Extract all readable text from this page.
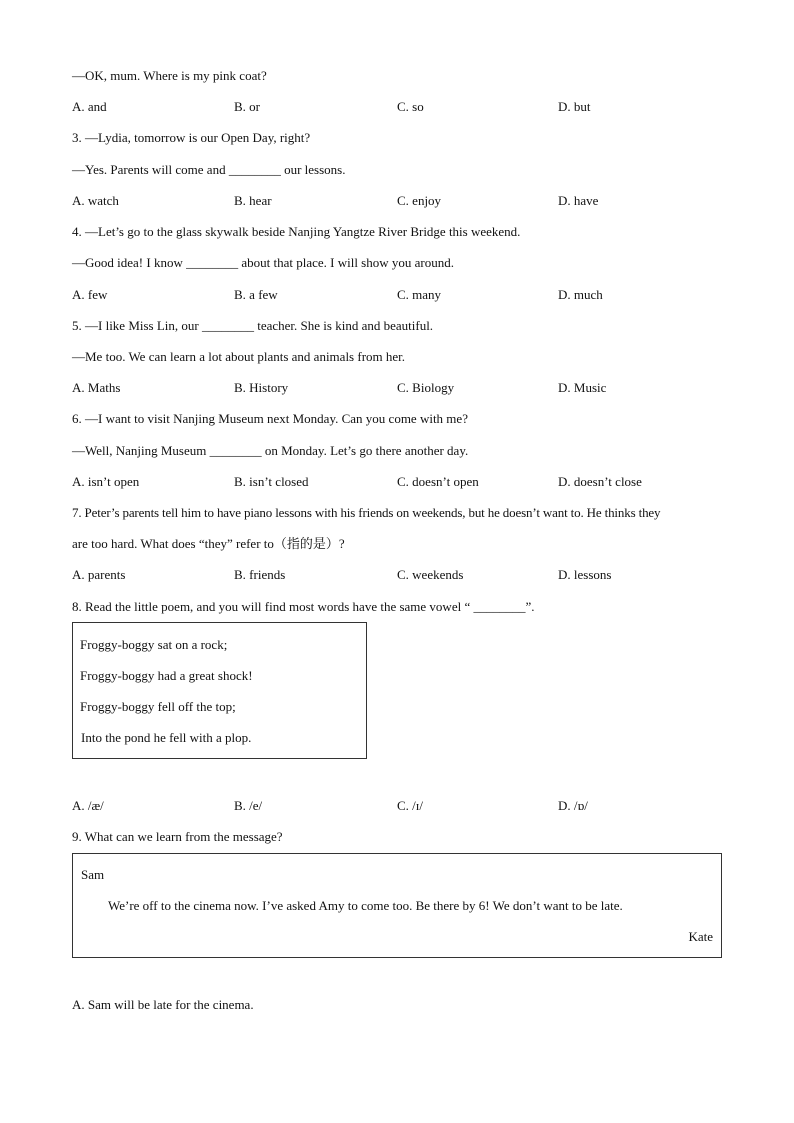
—OK, mum. Where is my pink coat?
A. and	B. or	C. so	D. but
3. —Lydia, tomorrow is our Open Day, right?
—Yes. Parents will come and ________ our lessons.
A. watch	B. hear	C. enjoy	D. have
4. —Let’s go to the glass skywalk beside Nanjing Yangtze River Bridge this weekend.
—Good idea! I know ________ about that place. I will show you around.
A. few	B. a few	C. many	D. much
5. —I like Miss Lin, our ________ teacher. She is kind and beautiful.
—Me too. We can learn a lot about plants and animals from her.
A. Maths	B. History	C. Biology	D. Music
6. —I want to visit Nanjing Museum next Monday. Can you come with me?
—Well, Nanjing Museum ________ on Monday. Let’s go there another day.
A. isn’t open	B. isn’t closed	C. doesn’t open	D. doesn’t close
7. Peter’s parents tell him to have piano lessons with his friends on weekends, but he doesn’t want to. He thinks they
are too hard. What does “they” refer to（指的是）?
A. parents	B. friends	C. weekends	D. lessons
8. Read the little poem, and you will find most words have the same vowel “ ________”.
Froggy-boggy sat on a rock;
Froggy-boggy had a great shock!
Froggy-boggy fell off the top;
Into the pond he fell with a plop.
A. /æ/	B. /e/	C. /ɪ/	D. /ɒ/
9. What can we learn from the message?
Sam
We’re off to the cinema now. I’ve asked Amy to come too. Be there by 6! We don’t want to be late.
Kate
A. Sam will be late for the cinema.
